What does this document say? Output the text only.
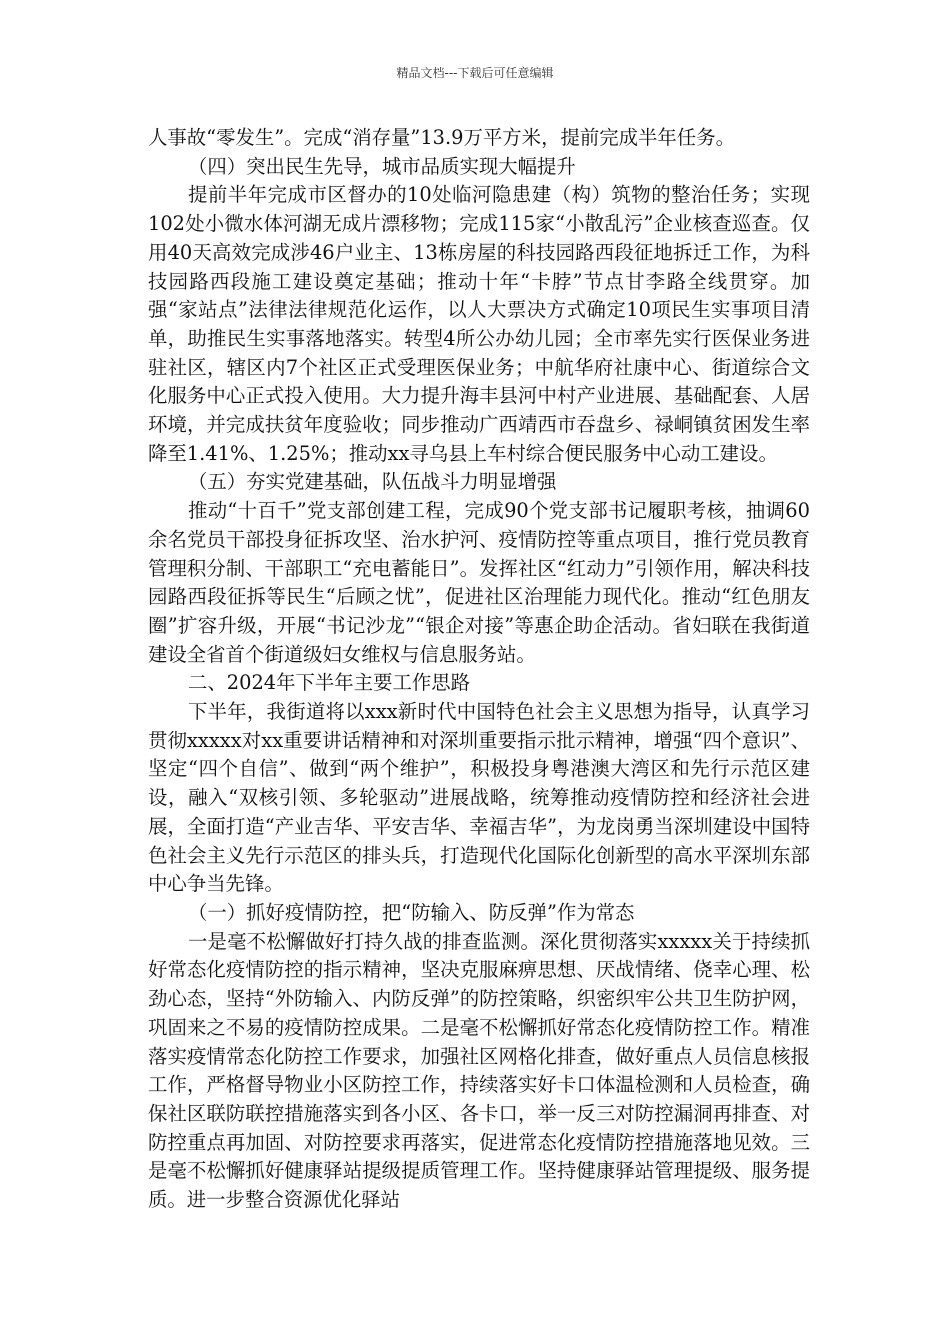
精品文档---下载后可任意编辑

人事故“零发生”。完成“消存量”13.9万平方米，提前完成半年任务。

（四）突出民生先导，城市品质实现大幅提升

提前半年完成市区督办的10处临河隐患建（构）筑物的整治任务；实现102处小微水体河湖无成片漂移物；完成115家“小散乱污”企业核查巡查。仅用40天高效完成涉46户业主、13栋房屋的科技园路西段征地拆迁工作，为科技园路西段施工建设奠定基础；推动十年“卡脖”节点甘李路全线贯穿。加强“家站点”法律法律规范化运作，以人大票决方式确定10项民生实事项目清单，助推民生实事落地落实。转型4所公办幼儿园；全市率先实行医保业务进驻社区，辖区内7个社区正式受理医保业务；中航华府社康中心、街道综合文化服务中心正式投入使用。大力提升海丰县河中村产业进展、基础配套、人居环境，并完成扶贫年度验收；同步推动广西靖西市吞盘乡、禄峒镇贫困发生率降至1.41%、1.25%；推动xx寻乌县上车村综合便民服务中心动工建设。

（五）夯实党建基础，队伍战斗力明显增强

推动“十百千”党支部创建工程，完成90个党支部书记履职考核，抽调60余名党员干部投身征拆攻坚、治水护河、疫情防控等重点项目，推行党员教育管理积分制、干部职工“充电蓄能日”。发挥社区“红动力”引领作用，解决科技园路西段征拆等民生“后顾之忧”，促进社区治理能力现代化。推动“红色朋友圈”扩容升级，开展“书记沙龙”“银企对接”等惠企助企活动。省妇联在我街道建设全省首个街道级妇女维权与信息服务站。

二、2024年下半年主要工作思路

下半年，我街道将以xxx新时代中国特色社会主义思想为指导，认真学习贯彻xxxxx对xx重要讲话精神和对深圳重要指示批示精神，增强“四个意识”、坚定“四个自信”、做到“两个维护”，积极投身粤港澳大湾区和先行示范区建设，融入“双核引领、多轮驱动”进展战略，统筹推动疫情防控和经济社会进展，全面打造“产业吉华、平安吉华、幸福吉华”，为龙岗勇当深圳建设中国特色社会主义先行示范区的排头兵，打造现代化国际化创新型的高水平深圳东部中心争当先锋。

（一）抓好疫情防控，把“防输入、防反弹”作为常态

一是毫不松懈做好打持久战的排查监测。深化贯彻落实xxxxx关于持续抓好常态化疫情防控的指示精神，坚决克服麻痹思想、厌战情绪、侥幸心理、松劲心态，坚持“外防输入、内防反弹”的防控策略，织密织牢公共卫生防护网，巩固来之不易的疫情防控成果。二是毫不松懈抓好常态化疫情防控工作。精准落实疫情常态化防控工作要求，加强社区网格化排查，做好重点人员信息核报工作，严格督导物业小区防控工作，持续落实好卡口体温检测和人员检查，确保社区联防联控措施落实到各小区、各卡口，举一反三对防控漏洞再排查、对防控重点再加固、对防控要求再落实，促进常态化疫情防控措施落地见效。三是毫不松懈抓好健康驿站提级提质管理工作。坚持健康驿站管理提级、服务提质。进一步整合资源优化驿站
